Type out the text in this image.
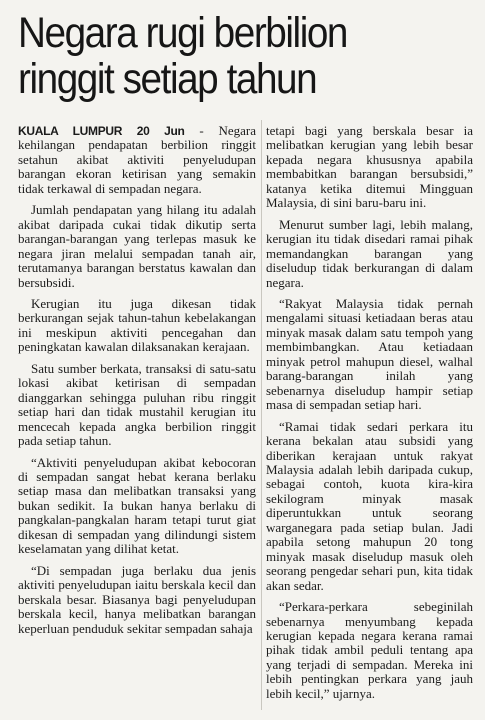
Negara rugi berbilion
ringgit setiap tahun

KUALA LUMPUR 20 Jun - Negara kehilangan pendapatan berbilion ringgit setahun akibat aktiviti penyeludupan barangan ekoran ketirisan yang semakin tidak terkawal di sempadan negara.

Jumlah pendapatan yang hilang itu adalah akibat daripada cukai tidak dikutip serta barangan-barangan yang terlepas masuk ke negara jiran melalui sempadan tanah air, terutamanya barangan berstatus kawalan dan bersubsidi.

Kerugian itu juga dikesan tidak berkurangan sejak tahun-tahun kebelakangan ini meskipun aktiviti pencegahan dan peningkatan kawalan dilaksanakan kerajaan.

Satu sumber berkata, transaksi di satu-satu lokasi akibat ketirisan di sempadan dianggarkan sehingga puluhan ribu ringgit setiap hari dan tidak mustahil kerugian itu mencecah kepada angka berbilion ringgit pada setiap tahun.

“Aktiviti penyeludupan akibat kebocoran di sempadan sangat hebat kerana berlaku setiap masa dan melibatkan transaksi yang bukan sedikit. Ia bukan hanya berlaku di pangkalan-pangkalan haram tetapi turut giat dikesan di sempadan yang dilindungi sistem keselamatan yang dilihat ketat.

“Di sempadan juga berlaku dua jenis aktiviti penyeludupan iaitu berskala kecil dan berskala besar. Biasanya bagi penyeludupan berskala kecil, hanya melibatkan barangan keperluan penduduk sekitar sempadan sahaja

tetapi bagi yang berskala besar ia melibatkan kerugian yang lebih besar kepada negara khususnya apabila membabitkan barangan bersubsidi,” katanya ketika ditemui Mingguan Malaysia, di sini baru-baru ini.

Menurut sumber lagi, lebih malang, kerugian itu tidak disedari ramai pihak memandangkan barangan yang diseludup tidak berkurangan di dalam negara.

“Rakyat Malaysia tidak pernah mengalami situasi ketiadaan beras atau minyak masak dalam satu tempoh yang membimbangkan. Atau ketiadaan minyak petrol mahupun diesel, walhal barang-barangan inilah yang sebenarnya diseludup hampir setiap masa di sempadan setiap hari.

“Ramai tidak sedari perkara itu kerana bekalan atau subsidi yang diberikan kerajaan untuk rakyat Malaysia adalah lebih daripada cukup, sebagai contoh, kuota kira-kira sekilogram minyak masak diperuntukkan untuk seorang warganegara pada setiap bulan. Jadi apabila setong mahupun 20 tong minyak masak diseludup masuk oleh seorang pengedar sehari pun, kita tidak akan sedar.

“Perkara-perkara sebeginilah sebenarnya menyumbang kepada kerugian kepada negara kerana ramai pihak tidak ambil peduli tentang apa yang terjadi di sempadan. Mereka ini lebih pentingkan perkara yang jauh lebih kecil,” ujarnya.
